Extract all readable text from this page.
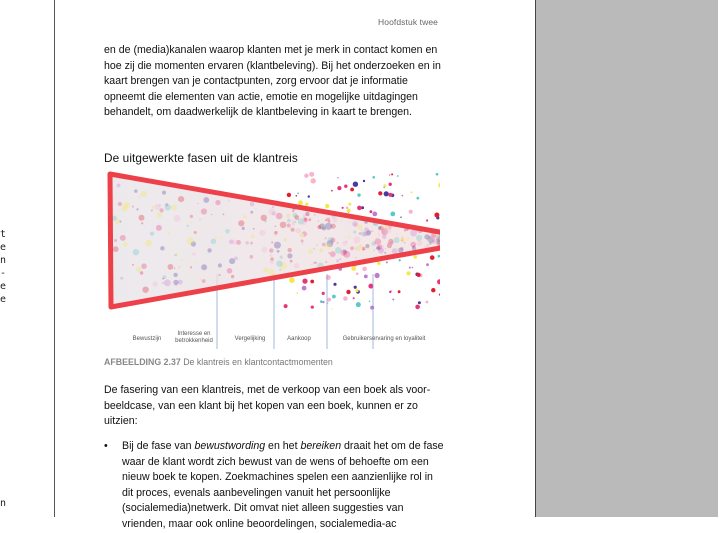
t
e
n
-
e
e
n
Hoofdstuk twee
en de (media)kanalen waarop klanten met je merk in contact komen en hoe zij die momenten ervaren (klantbeleving). Bij het onderzoeken en in kaart brengen van je contactpunten, zorg ervoor dat je informatie opneemt die elementen van actie, emotie en mogelijke uitdagingen behandelt, om daadwerkelijk de klantbeleving in kaart te brengen.
De uitgewerkte fasen uit de klantreis
Bewustzijn
Interesse en betrokkenheid	Vergelijking	Aankoop	Gebruikerservaring en loyaliteit
AFBEELDING 2.37 De klantreis en klantcontactmomenten
De fasering van een klantreis, met de verkoop van een boek als voorbeeldcase, van een klant bij het kopen van een boek, kunnen er zo uitzien:
• Bij de fase van bewustwording en het bereiken draait het om de fase waar de klant wordt zich bewust van de wens of behoefte om een nieuw boek te kopen. Zoekmachines spelen een aanzienlijke rol in dit proces, evenals aanbevelingen vanuit het persoonlijke (socialemedia)netwerk. Dit omvat niet alleen suggesties van vrienden, maar ook online beoordelingen, socialemedia-ac
